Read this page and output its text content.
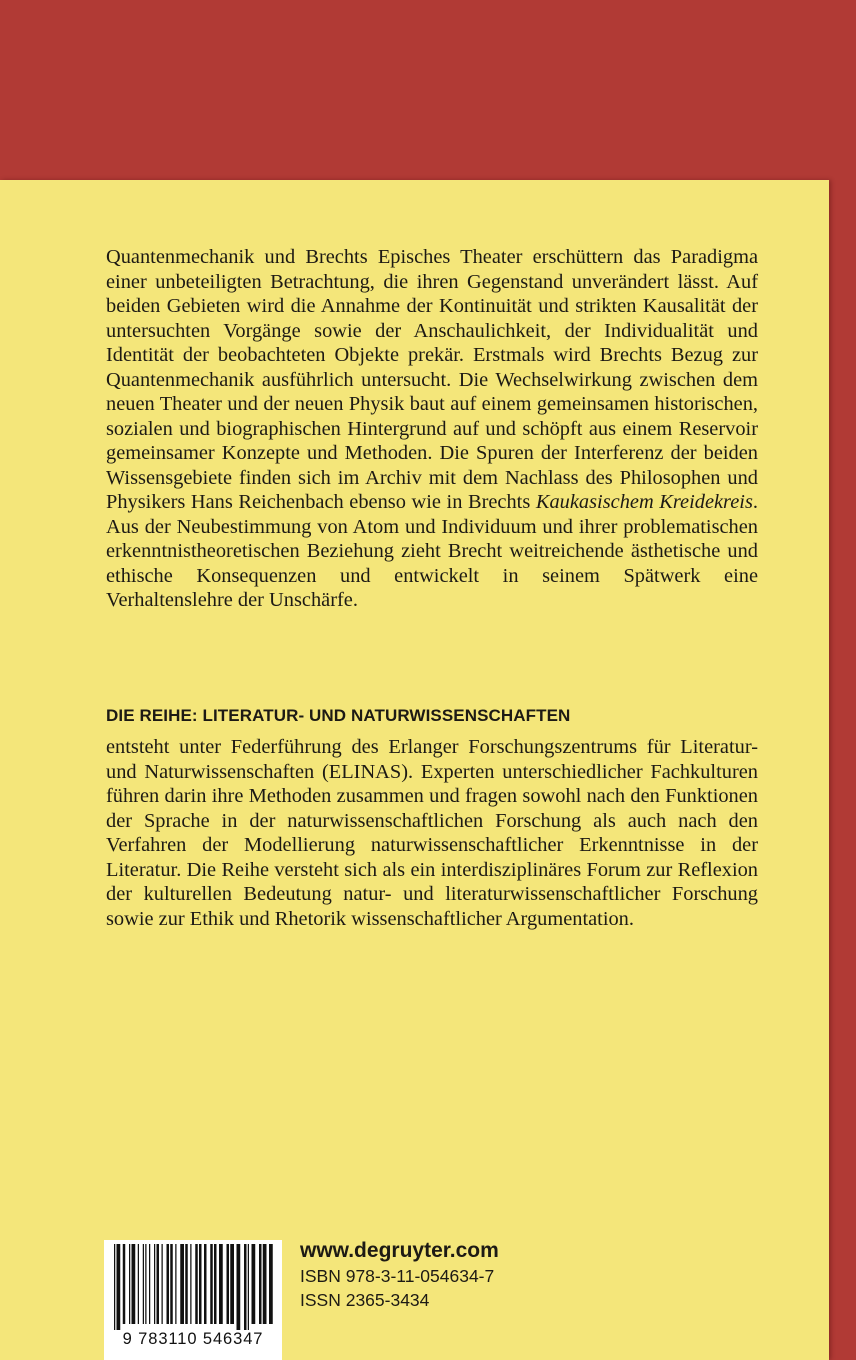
Quantenmechanik und Brechts Episches Theater erschüttern das Paradigma einer unbeteiligten Betrachtung, die ihren Gegenstand unverändert lässt. Auf beiden Gebieten wird die Annahme der Kontinuität und strikten Kausalität der untersuchten Vorgänge sowie der Anschaulichkeit, der Individualität und Identität der beobachteten Objekte prekär. Erstmals wird Brechts Bezug zur Quantenmechanik ausführlich untersucht. Die Wechselwirkung zwischen dem neuen Theater und der neuen Physik baut auf einem gemeinsamen historischen, sozialen und biographischen Hintergrund auf und schöpft aus einem Reservoir gemeinsamer Konzepte und Methoden. Die Spuren der Interferenz der beiden Wissensgebiete finden sich im Archiv mit dem Nachlass des Philosophen und Physikers Hans Reichenbach ebenso wie in Brechts Kaukasischem Kreidekreis. Aus der Neubestimmung von Atom und Individuum und ihrer problematischen erkenntnistheoretischen Beziehung zieht Brecht weitreichende ästhetische und ethische Konsequenzen und entwickelt in seinem Spätwerk eine Verhaltenslehre der Unschärfe.

DIE REIHE: LITERATUR- UND NATURWISSENSCHAFTEN

entsteht unter Federführung des Erlanger Forschungszentrums für Literatur- und Naturwissenschaften (ELINAS). Experten unterschiedlicher Fachkulturen führen darin ihre Methoden zusammen und fragen sowohl nach den Funktionen der Sprache in der naturwissenschaftlichen Forschung als auch nach den Verfahren der Modellierung naturwissenschaftlicher Erkenntnisse in der Literatur. Die Reihe versteht sich als ein interdisziplinäres Forum zur Reflexion der kulturellen Bedeutung natur- und literaturwissenschaftlicher Forschung sowie zur Ethik und Rhetorik wissenschaftlicher Argumentation.

9 783110 546347
www.degruyter.com
ISBN 978-3-11-054634-7
ISSN 2365-3434
